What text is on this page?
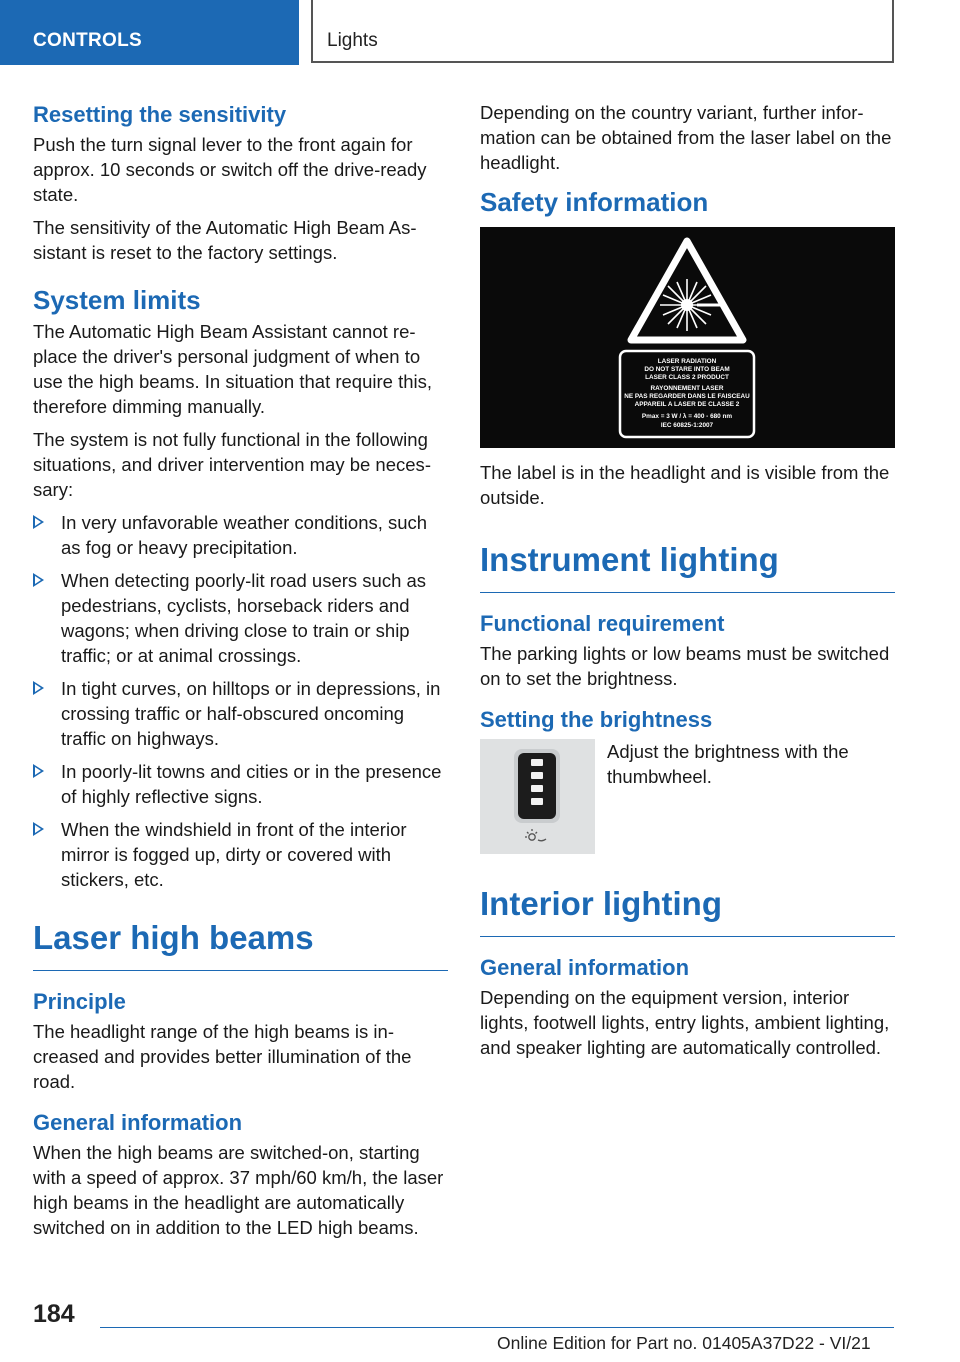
CONTROLS	Lights
Resetting the sensitivity

Push the turn signal lever to the front again for approx. 10 seconds or switch off the drive-ready state.

The sensitivity of the Automatic High Beam Assistant is reset to the factory settings.

System limits

The Automatic High Beam Assistant cannot replace the driver's personal judgment of when to use the high beams. In situation that require this, therefore dimming manually.

The system is not fully functional in the following situations, and driver intervention may be necessary:

In very unfavorable weather conditions, such as fog or heavy precipitation.
When detecting poorly-lit road users such as pedestrians, cyclists, horseback riders and wagons; when driving close to train or ship traffic; or at animal crossings.
In tight curves, on hilltops or in depressions, in crossing traffic or half-obscured oncoming traffic on highways.
In poorly-lit towns and cities or in the presence of highly reflective signs.
When the windshield in front of the interior mirror is fogged up, dirty or covered with stickers, etc.
Laser high beams
Principle

The headlight range of the high beams is increased and provides better illumination of the road.

General information

When the high beams are switched-on, starting with a speed of approx. 37 mph/60 km/h, the laser high beams in the headlight are automatically switched on in addition to the LED high beams.

Depending on the country variant, further information can be obtained from the laser label on the headlight.

Safety information
LASER RADIATION
DO NOT STARE INTO BEAM
LASER CLASS 2 PRODUCT
RAYONNEMENT LASER
NE PAS REGARDER DANS LE FAISCEAU
APPAREIL A LASER DE CLASSE 2
Pmax = 3 W / λ = 400 - 680 nm
IEC 60825-1:2007

The label is in the headlight and is visible from the outside.

Instrument lighting
Functional requirement

The parking lights or low beams must be switched on to set the brightness.

Setting the brightness

Adjust the brightness with the thumbwheel.

Interior lighting
General information

Depending on the equipment version, interior lights, footwell lights, entry lights, ambient lighting, and speaker lighting are automatically controlled.

184
Online Edition for Part no. 01405A37D22 - VI/21
